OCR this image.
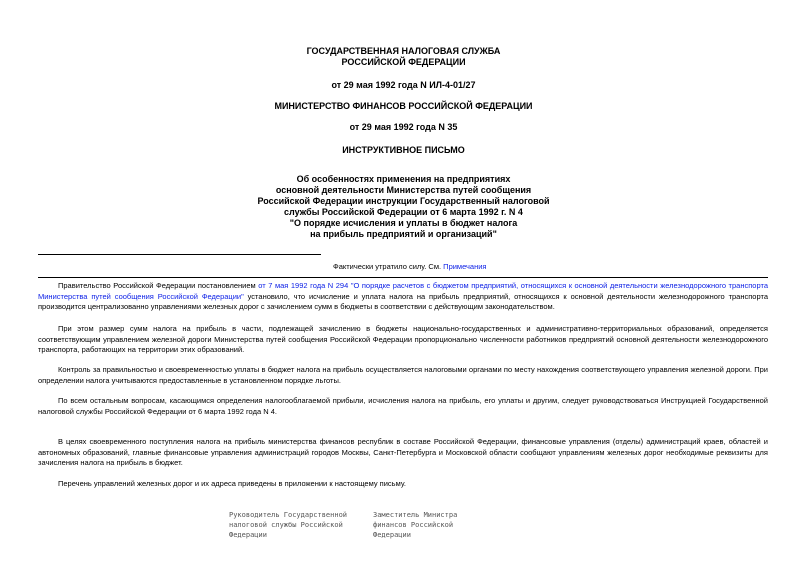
ГОСУДАРСТВЕННАЯ НАЛОГОВАЯ СЛУЖБА
РОССИЙСКОЙ ФЕДЕРАЦИИ
от 29 мая 1992 года N ИЛ-4-01/27
МИНИСТЕРСТВО ФИНАНСОВ РОССИЙСКОЙ ФЕДЕРАЦИИ
от 29 мая 1992 года N 35
ИНСТРУКТИВНОЕ ПИСЬМО
Об особенностях применения на предприятиях
основной деятельности Министерства путей сообщения
Российской Федерации инструкции Государственный налоговой
службы Российской Федерации от 6 марта 1992 г. N 4
"О порядке исчисления и уплаты в бюджет налога
на прибыль предприятий и организаций"
Фактически утратило силу. См. Примечания

Правительство Российской Федерации постановлением от 7 мая 1992 года N 294 "О порядке расчетов с бюджетом предприятий, относящихся к основной деятельности железнодорожного транспорта Министерства путей сообщения Российской Федерации" установило, что исчисление и уплата налога на прибыль предприятий, относящихся к основной деятельности железнодорожного транспорта производится централизованно управлениями железных дорог с зачислением сумм в бюджеты в соответствии с действующим законодательством.

При этом размер сумм налога на прибыль в части, подлежащей зачислению в бюджеты национально-государственных и административно-территориальных образований, определяется соответствующим управлением железной дороги Министерства путей сообщения Российской Федерации пропорционально численности работников предприятий основной деятельности железнодорожного транспорта, работающих на территории этих образований.

Контроль за правильностью и своевременностью уплаты в бюджет налога на прибыль осуществляется налоговыми органами по месту нахождения соответствующего управления железной дороги. При определении налога учитываются предоставленные в установленном порядке льготы.

По всем остальным вопросам, касающимся определения налогооблагаемой прибыли, исчисления налога на прибыль, его уплаты и другим, следует руководствоваться Инструкцией Государственной налоговой службы Российской Федерации от 6 марта 1992 года N 4.

В целях своевременного поступления налога на прибыль министерства финансов республик в составе Российской Федерации, финансовые управления (отделы) администраций краев, областей и автономных образований, главные финансовые управления администраций городов Москвы, Санкт-Петербурга и Московской области сообщают управлениям железных дорог необходимые реквизиты для зачисления налога на прибыль в бюджет.

Перечень управлений железных дорог и их адреса приведены в приложении к настоящему письму.

Руководитель Государственной
налоговой службы Российской
Федерации
Заместитель Министра
финансов Российской
Федерации
